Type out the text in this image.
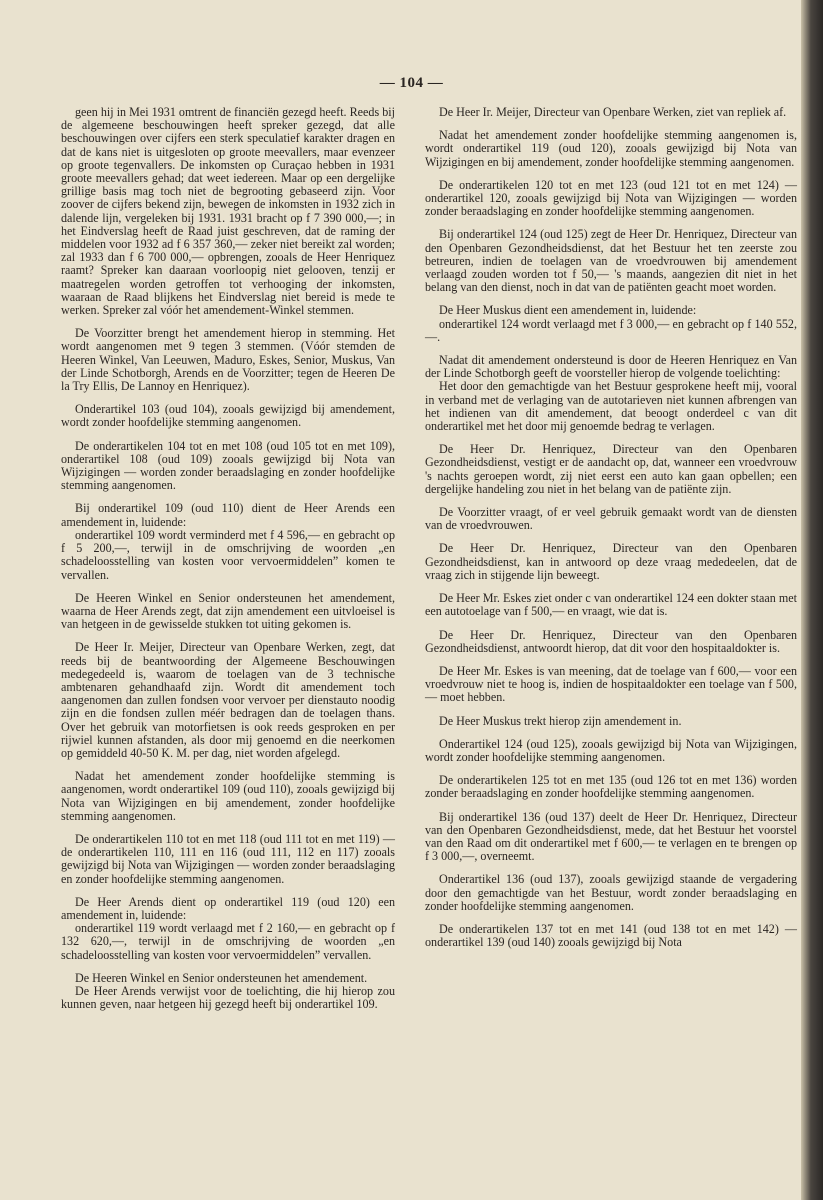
— 104 —

geen hij in Mei 1931 omtrent de financiën gezegd heeft. Reeds bij de algemeene beschouwingen heeft spreker gezegd, dat alle beschouwingen over cijfers een sterk speculatief karakter dragen en dat de kans niet is uitgesloten op groote meevallers, maar evenzeer op groote tegenvallers. De inkomsten op Curaçao hebben in 1931 groote meevallers gehad; dat weet iedereen. Maar op een dergelijke grillige basis mag toch niet de begrooting gebaseerd zijn. Voor zoover de cijfers bekend zijn, bewegen de inkomsten in 1932 zich in dalende lijn, vergeleken bij 1931. 1931 bracht op f 7 390 000,—; in het Eindverslag heeft de Raad juist geschreven, dat de raming der middelen voor 1932 ad f 6 357 360,— zeker niet bereikt zal worden; zal 1933 dan f 6 700 000,— opbrengen, zooals de Heer Henriquez raamt? Spreker kan daaraan voorloopig niet gelooven, tenzij er maatregelen worden getroffen tot verhooging der inkomsten, waaraan de Raad blijkens het Eindverslag niet bereid is mede te werken. Spreker zal vóór het amendement-Winkel stemmen.

De Voorzitter brengt het amendement hierop in stemming. Het wordt aangenomen met 9 tegen 3 stemmen. (Vóór stemden de Heeren Winkel, Van Leeuwen, Maduro, Eskes, Senior, Muskus, Van der Linde Schotborgh, Arends en de Voorzitter; tegen de Heeren De la Try Ellis, De Lannoy en Henriquez).

Onderartikel 103 (oud 104), zooals gewijzigd bij amendement, wordt zonder hoofdelijke stemming aangenomen.

De onderartikelen 104 tot en met 108 (oud 105 tot en met 109), onderartikel 108 (oud 109) zooals gewijzigd bij Nota van Wijzigingen — worden zonder beraadslaging en zonder hoofdelijke stemming aangenomen.

Bij onderartikel 109 (oud 110) dient de Heer Arends een amendement in, luidende:

onderartikel 109 wordt verminderd met f 4 596,— en gebracht op f 5 200,—, terwijl in de omschrijving de woorden „en schadeloosstelling van kosten voor vervoermiddelen” komen te vervallen.

De Heeren Winkel en Senior ondersteunen het amendement, waarna de Heer Arends zegt, dat zijn amendement een uitvloeisel is van hetgeen in de gewisselde stukken tot uiting gekomen is.

De Heer Ir. Meijer, Directeur van Openbare Werken, zegt, dat reeds bij de beantwoording der Algemeene Beschouwingen medegedeeld is, waarom de toelagen van de 3 technische ambtenaren gehandhaafd zijn. Wordt dit amendement toch aangenomen dan zullen fondsen voor vervoer per dienstauto noodig zijn en die fondsen zullen méér bedragen dan de toelagen thans. Over het gebruik van motorfietsen is ook reeds gesproken en per rijwiel kunnen afstanden, als door mij genoemd en die neerkomen op gemiddeld 40-50 K. M. per dag, niet worden afgelegd.

Nadat het amendement zonder hoofdelijke stemming is aangenomen, wordt onderartikel 109 (oud 110), zooals gewijzigd bij Nota van Wijzigingen en bij amendement, zonder hoofdelijke stemming aangenomen.

De onderartikelen 110 tot en met 118 (oud 111 tot en met 119) — de onderartikelen 110, 111 en 116 (oud 111, 112 en 117) zooals gewijzigd bij Nota van Wijzigingen — worden zonder beraadslaging en zonder hoofdelijke stemming aangenomen.

De Heer Arends dient op onderartikel 119 (oud 120) een amendement in, luidende:

onderartikel 119 wordt verlaagd met f 2 160,— en gebracht op f 132 620,—, terwijl in de omschrijving de woorden „en schadeloosstelling van kosten voor vervoermiddelen” vervallen.

De Heeren Winkel en Senior ondersteunen het amendement.

De Heer Arends verwijst voor de toelichting, die hij hierop zou kunnen geven, naar hetgeen hij gezegd heeft bij onderartikel 109.

De Heer Ir. Meijer, Directeur van Openbare Werken, ziet van repliek af.

Nadat het amendement zonder hoofdelijke stemming aangenomen is, wordt onderartikel 119 (oud 120), zooals gewijzigd bij Nota van Wijzigingen en bij amendement, zonder hoofdelijke stemming aangenomen.

De onderartikelen 120 tot en met 123 (oud 121 tot en met 124) — onderartikel 120, zooals gewijzigd bij Nota van Wijzigingen — worden zonder beraadslaging en zonder hoofdelijke stemming aangenomen.

Bij onderartikel 124 (oud 125) zegt de Heer Dr. Henriquez, Directeur van den Openbaren Gezondheidsdienst, dat het Bestuur het ten zeerste zou betreuren, indien de toelagen van de vroedvrouwen bij amendement verlaagd zouden worden tot f 50,— 's maands, aangezien dit niet in het belang van den dienst, noch in dat van de patiënten geacht moet worden.

De Heer Muskus dient een amendement in, luidende:

onderartikel 124 wordt verlaagd met f 3 000,— en gebracht op f 140 552,—.

Nadat dit amendement ondersteund is door de Heeren Henriquez en Van der Linde Schotborgh geeft de voorsteller hierop de volgende toelichting:

Het door den gemachtigde van het Bestuur gesprokene heeft mij, vooral in verband met de verlaging van de autotarieven niet kunnen afbrengen van het indienen van dit amendement, dat beoogt onderdeel c van dit onderartikel met het door mij genoemde bedrag te verlagen.

De Heer Dr. Henriquez, Directeur van den Openbaren Gezondheidsdienst, vestigt er de aandacht op, dat, wanneer een vroedvrouw 's nachts geroepen wordt, zij niet eerst een auto kan gaan opbellen; een dergelijke handeling zou niet in het belang van de patiënte zijn.

De Voorzitter vraagt, of er veel gebruik gemaakt wordt van de diensten van de vroedvrouwen.

De Heer Dr. Henriquez, Directeur van den Openbaren Gezondheidsdienst, kan in antwoord op deze vraag mededeelen, dat de vraag zich in stijgende lijn beweegt.

De Heer Mr. Eskes ziet onder c van onderartikel 124 een dokter staan met een autotoelage van f 500,— en vraagt, wie dat is.

De Heer Dr. Henriquez, Directeur van den Openbaren Gezondheidsdienst, antwoordt hierop, dat dit voor den hospitaaldokter is.

De Heer Mr. Eskes is van meening, dat de toelage van f 600,— voor een vroedvrouw niet te hoog is, indien de hospitaaldokter een toelage van f 500,— moet hebben.

De Heer Muskus trekt hierop zijn amendement in.

Onderartikel 124 (oud 125), zooals gewijzigd bij Nota van Wijzigingen, wordt zonder hoofdelijke stemming aangenomen.

De onderartikelen 125 tot en met 135 (oud 126 tot en met 136) worden zonder beraadslaging en zonder hoofdelijke stemming aangenomen.

Bij onderartikel 136 (oud 137) deelt de Heer Dr. Henriquez, Directeur van den Openbaren Gezondheidsdienst, mede, dat het Bestuur het voorstel van den Raad om dit onderartikel met f 600,— te verlagen en te brengen op f 3 000,—, overneemt.

Onderartikel 136 (oud 137), zooals gewijzigd staande de vergadering door den gemachtigde van het Bestuur, wordt zonder beraadslaging en zonder hoofdelijke stemming aangenomen.

De onderartikelen 137 tot en met 141 (oud 138 tot en met 142) — onderartikel 139 (oud 140) zooals gewijzigd bij Nota
